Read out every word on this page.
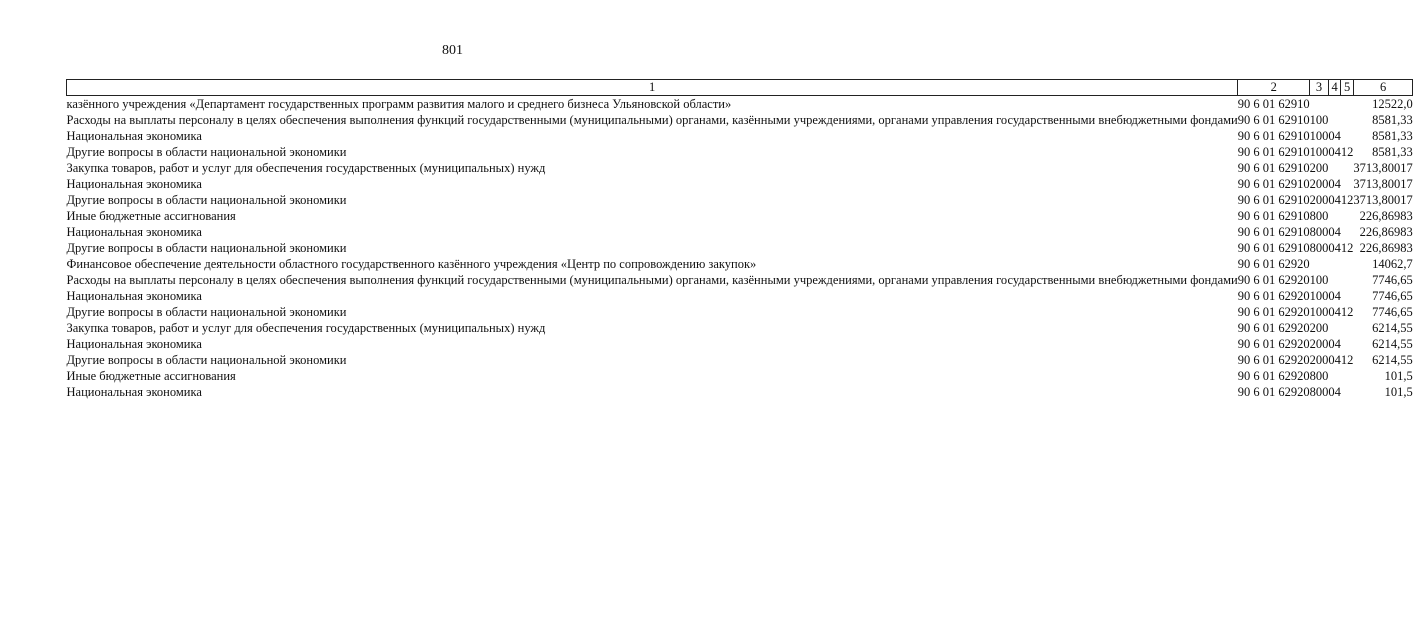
801
1	2	3	4	5	6
казённого учреждения «Департамент государственных программ развития малого и среднего бизнеса Ульяновской области»	90 6 01 62910				12522,0
Расходы на выплаты персоналу в целях обеспечения выполнения функций государственными (муниципальными) органами, казёнными учреждениями, органами управления государственными внебюджетными фондами	90 6 01 62910	100			8581,33
Национальная экономика	90 6 01 62910	100	04		8581,33
Другие вопросы в области национальной экономики	90 6 01 62910	100	04	12	8581,33
Закупка товаров, работ и услуг для обеспечения государственных (муниципальных) нужд	90 6 01 62910	200			3713,80017
Национальная экономика	90 6 01 62910	200	04		3713,80017
Другие вопросы в области национальной экономики	90 6 01 62910	200	04	12	3713,80017
Иные бюджетные ассигнования	90 6 01 62910	800			226,86983
Национальная экономика	90 6 01 62910	800	04		226,86983
Другие вопросы в области национальной экономики	90 6 01 62910	800	04	12	226,86983
Финансовое обеспечение деятельности областного государственного казённого учреждения «Центр по сопровождению закупок»	90 6 01 62920				14062,7
Расходы на выплаты персоналу в целях обеспечения выполнения функций государственными (муниципальными) органами, казёнными учреждениями, органами управления государственными внебюджетными фондами	90 6 01 62920	100			7746,65
Национальная экономика	90 6 01 62920	100	04		7746,65
Другие вопросы в области национальной экономики	90 6 01 62920	100	04	12	7746,65
Закупка товаров, работ и услуг для обеспечения государственных (муниципальных) нужд	90 6 01 62920	200			6214,55
Национальная экономика	90 6 01 62920	200	04		6214,55
Другие вопросы в области национальной экономики	90 6 01 62920	200	04	12	6214,55
Иные бюджетные ассигнования	90 6 01 62920	800			101,5
Национальная экономика	90 6 01 62920	800	04		101,5
